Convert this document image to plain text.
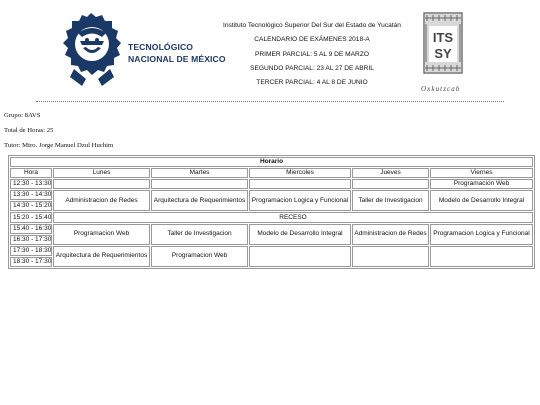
TECNOLÓGICO
NACIONAL DE MÉXICO
Instituto Tecnológico Superior Del Sur del Estado de Yucatán
CALENDARIO DE EXÁMENES 2018-A
PRIMER PARCIAL: 5 AL 9 DE MARZO
SEGUNDO PARCIAL: 23 AL 27 DE ABRIL
TERCER PARCIAL: 4 AL 8 DE JUNIO
ITS
SY
Oxkutzcab
Grupo: 8AVS
Total de Horas: 25
Tutor: Mtro. Jorge Manuel Dzul Huchim
Horario					
Hora	Lunes	Martes	Miercoles	Jueves	Viernes
12:30 - 13:30					Programacion Web
13:30 - 14:30	Administracion de Redes	Arquitectura de Requerimientos	Programacion Logica y Funcional	Taller de Investigacion	Modelo de Desarrollo Integral
14:30 - 15:20					
15:20 - 15:40	RECESO				
15:40 - 16:30	Programacion Web	Taller de Investigacion	Modelo de Desarrollo Integral	Administracion de Redes	Programacion Logica y Funcional
16:30 - 17:30					
17:30 - 18:30	Arquitectura de Requerimientos	Programacion Web			
18:30 - 17:30					
